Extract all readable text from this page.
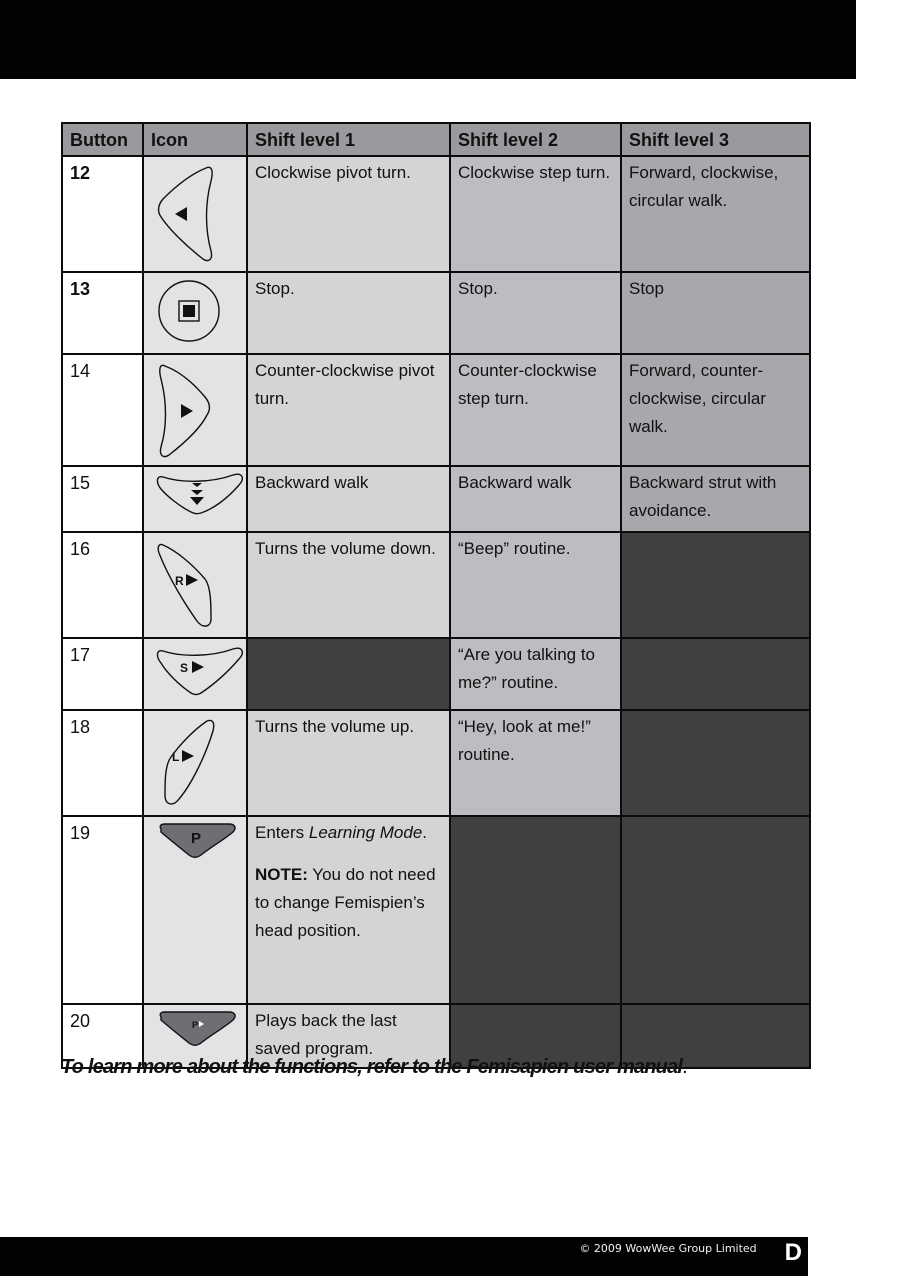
Button	Icon	Shift level 1	Shift level 2	Shift level 3
12		Clockwise pivot turn.	Clockwise step turn.	Forward, clockwise, circular walk.
13		Stop.	Stop.	Stop
14		Counter-clockwise pivot turn.	Counter-clockwise step turn.	Forward, counter-clockwise, circular walk.
15		Backward walk	Backward walk	Backward strut with avoidance.
16	R	Turns the volume down.	“Beep” routine.	
17	S		“Are you talking to me?” routine.	
18	L	Turns the volume up.	“Hey, look at me!” routine.	
19	P	Enters Learning Mode.
NOTE: You do not need to change Femispien’s head position.		

20	P	Plays back the last saved program.		
To learn more about the functions, refer to the Femisapien user manual.
© 2009 WowWee Group Limited D
